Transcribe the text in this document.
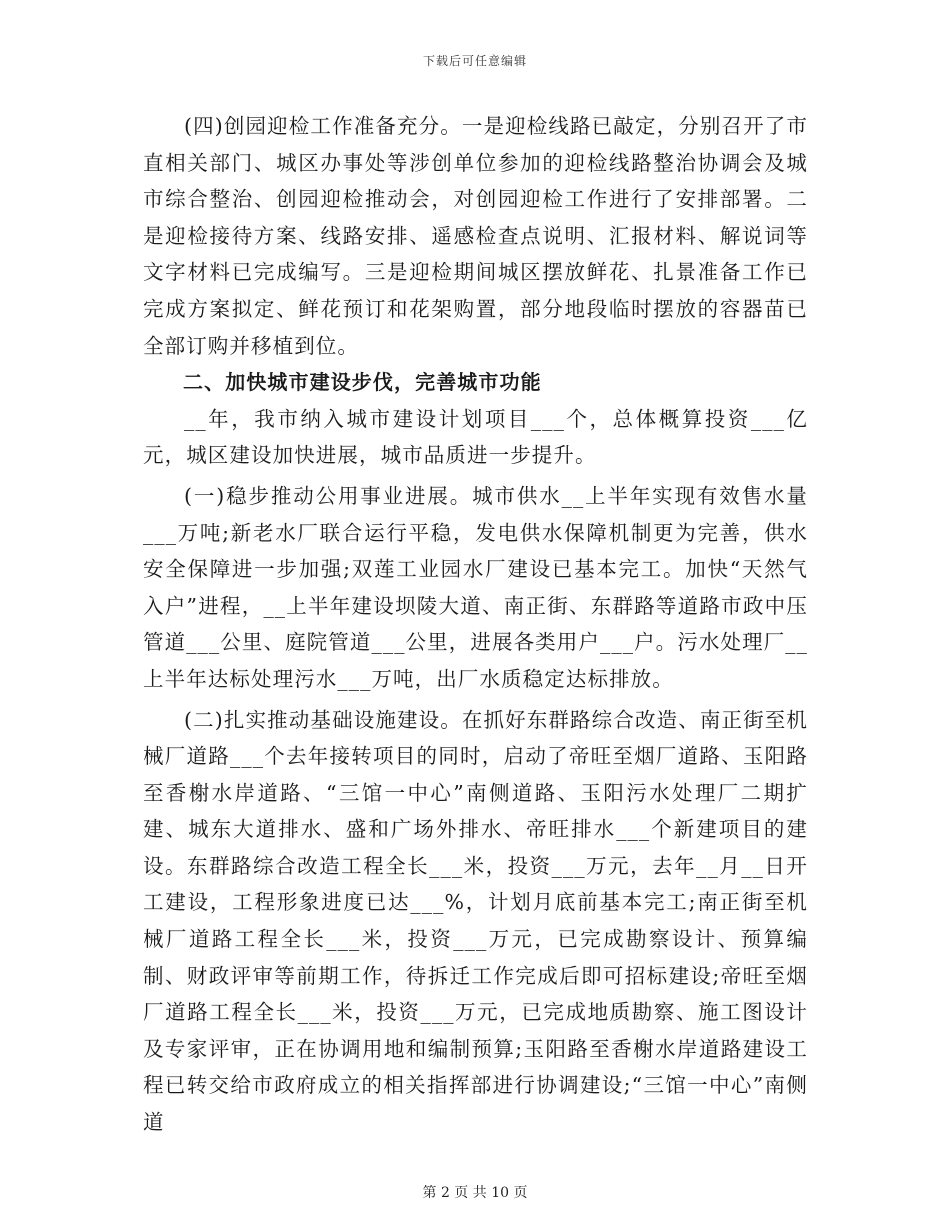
下载后可任意编辑

(四)创园迎检工作准备充分。一是迎检线路已敲定，分别召开了市直相关部门、城区办事处等涉创单位参加的迎检线路整治协调会及城市综合整治、创园迎检推动会，对创园迎检工作进行了安排部署。二是迎检接待方案、线路安排、遥感检查点说明、汇报材料、解说词等文字材料已完成编写。三是迎检期间城区摆放鲜花、扎景准备工作已完成方案拟定、鲜花预订和花架购置，部分地段临时摆放的容器苗已全部订购并移植到位。

二、加快城市建设步伐，完善城市功能

__年，我市纳入城市建设计划项目___个，总体概算投资___亿元，城区建设加快进展，城市品质进一步提升。

(一)稳步推动公用事业进展。城市供水__上半年实现有效售水量___万吨;新老水厂联合运行平稳，发电供水保障机制更为完善，供水安全保障进一步加强;双莲工业园水厂建设已基本完工。加快“天然气入户”进程，__上半年建设坝陵大道、南正街、东群路等道路市政中压管道___公里、庭院管道___公里，进展各类用户___户。污水处理厂__上半年达标处理污水___万吨，出厂水质稳定达标排放。

(二)扎实推动基础设施建设。在抓好东群路综合改造、南正街至机械厂道路___个去年接转项目的同时，启动了帝旺至烟厂道路、玉阳路至香榭水岸道路、“三馆一中心”南侧道路、玉阳污水处理厂二期扩建、城东大道排水、盛和广场外排水、帝旺排水___个新建项目的建设。东群路综合改造工程全长___米，投资___万元，去年__月__日开工建设，工程形象进度已达___%，计划月底前基本完工;南正街至机械厂道路工程全长___米，投资___万元，已完成勘察设计、预算编制、财政评审等前期工作，待拆迁工作完成后即可招标建设;帝旺至烟厂道路工程全长___米，投资___万元，已完成地质勘察、施工图设计及专家评审，正在协调用地和编制预算;玉阳路至香榭水岸道路建设工程已转交给市政府成立的相关指挥部进行协调建设;“三馆一中心”南侧道

第 2 页 共 10 页
